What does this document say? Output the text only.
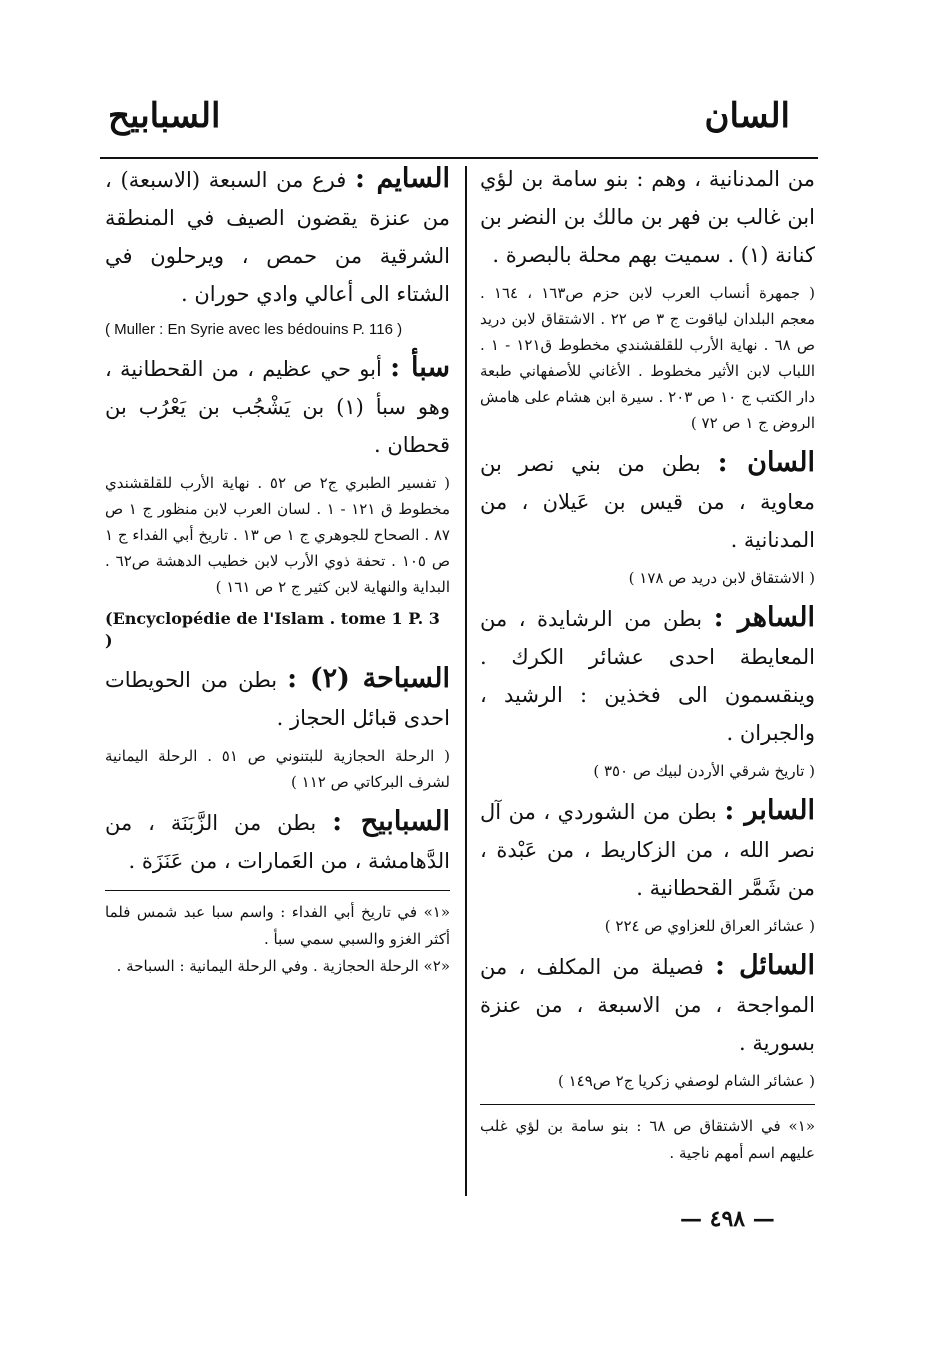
السان
السبابيح

من المدنانية ، وهم : بنو سامة بن لؤي ابن غالب بن فهر بن مالك بن النضر بن كنانة (١) . سميت بهم محلة بالبصرة .

( جمهرة أنساب العرب لابن حزم ص١٦٣ ، ١٦٤ . معجم البلدان لياقوت ج ٣ ص ٢٢ . الاشتقاق لابن دريد ص ٦٨ . نهاية الأرب للقلقشندي مخطوط ق١٢١ - ١ . اللباب لابن الأثير مخطوط . الأغاني للأصفهاني طبعة دار الكتب ج ١٠ ص ٢٠٣ . سيرة ابن هشام على هامش الروض ج ١ ص ٧٢ )

السان : بطن من بني نصر بن معاوية ، من قيس بن عَيلان ، من المدنانية .

( الاشتقاق لابن دريد ص ١٧٨ )

الساهر : بطن من الرشايدة ، من المعايطة احدى عشائر الكرك . وينقسمون الى فخذين : الرشيد ، والجبران .

( تاريخ شرقي الأردن لبيك ص ٣٥٠ )

السابر : بطن من الشوردي ، من آل نصر الله ، من الزكاريط ، من عَبْدة ، من شَمَّر القحطانية .

( عشائر العراق للعزاوي ص ٢٢٤ )

السائل : فصيلة من المكلف ، من المواجحة ، من الاسبعة ، من عنزة بسورية .

( عشائر الشام لوصفي زكريا ج٢ ص١٤٩ )

«١» في الاشتقاق ص ٦٨ : بنو سامة بن لؤي غلب عليهم اسم أمهم ناجية .

السايم : فرع من السبعة (الاسبعة) ، من عنزة يقضون الصيف في المنطقة الشرقية من حمص ، ويرحلون في الشتاء الى أعالي وادي حوران .

( Muller : En Syrie avec les bédouins P. 116 )

سبأ : أبو حي عظيم ، من القحطانية ، وهو سبأ (١) بن يَشْجُب بن يَعْرُب بن قحطان .

( تفسير الطبري ج٢ ص ٥٢ . نهاية الأرب للقلقشندي مخطوط ق ١٢١ - ١ . لسان العرب لابن منظور ج ١ ص ٨٧ . الصحاح للجوهري ج ١ ص ١٣ . تاريخ أبي الفداء ج ١ ص ١٠٥ . تحفة ذوي الأرب لابن خطيب الدهشة ص٦٢ . البداية والنهاية لابن كثير ج ٢ ص ١٦١ )

(Encyclopédie de l'Islam . tome 1 P. 3 )

السباحة (٢) : بطن من الحويطات احدى قبائل الحجاز .

( الرحلة الحجازية للبتنوني ص ٥١ . الرحلة اليمانية لشرف البركاتي ص ١١٢ )

السبابيح : بطن من الزَّبَنَة ، من الدَّهامشة ، من العَمارات ، من عَنَزَة .

«١» في تاريخ أبي الفداء : واسم سبا عبد شمس فلما أكثر الغزو والسبي سمي سبأ .

«٢» الرحلة الحجازية . وفي الرحلة اليمانية : السباحة .

— ٤٩٨ —
